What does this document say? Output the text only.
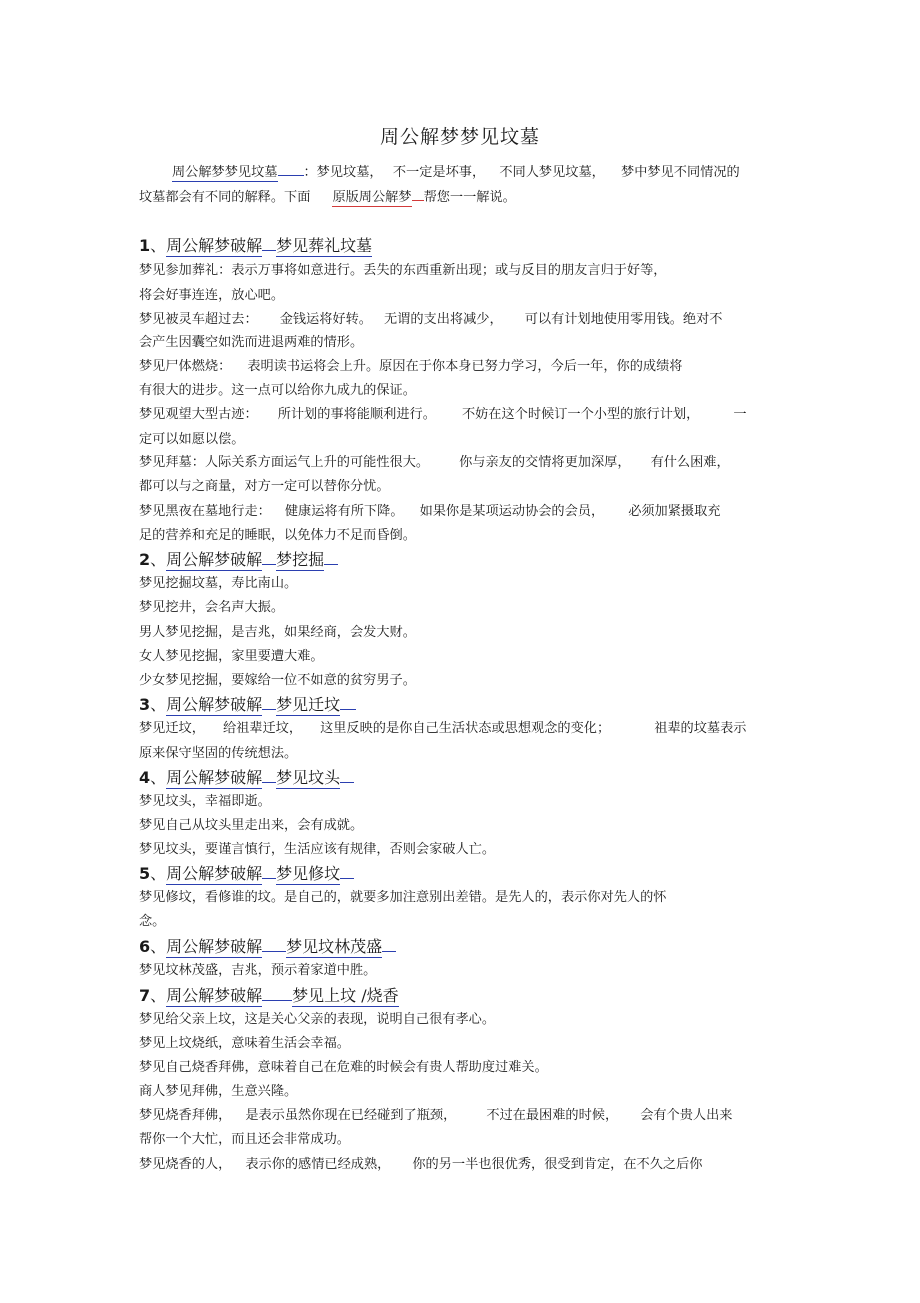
周公解梦梦见坟墓
周公解梦梦见坟墓 ：梦见坟墓， 不一定是坏事， 不同人梦见坟墓， 梦中梦见不同情况的
坟墓都会有不同的解释。下面 原版周公解梦 帮您一一解说。
1、周公解梦破解 梦见葬礼坟墓
梦见参加葬礼：表示万事将如意进行。丢失的东西重新出现；或与反目的朋友言归于好等，
将会好事连连，放心吧。
梦见被灵车超过去： 金钱运将好转。 无谓的支出将减少， 可以有计划地使用零用钱。绝对不
会产生因囊空如洗而进退两难的情形。
梦见尸体燃烧： 表明读书运将会上升。原因在于你本身已努力学习，今后一年，你的成绩将
有很大的进步。这一点可以给你九成九的保证。
梦见观望大型古迹： 所计划的事将能顺利进行。 不妨在这个时候订一个小型的旅行计划，	一
定可以如愿以偿。
梦见拜墓：人际关系方面运气上升的可能性很大。 你与亲友的交情将更加深厚， 有什么困难，
都可以与之商量，对方一定可以替你分忧。
梦见黑夜在墓地行走： 健康运将有所下降。 如果你是某项运动协会的会员， 必须加紧摄取充
足的营养和充足的睡眠，以免体力不足而昏倒。
2、周公解梦破解 梦挖掘
梦见挖掘坟墓，寿比南山。
梦见挖井，会名声大振。
男人梦见挖掘，是吉兆，如果经商，会发大财。
女人梦见挖掘，家里要遭大难。
少女梦见挖掘，要嫁给一位不如意的贫穷男子。
3、周公解梦破解 梦见迁坟
梦见迁坟， 给祖辈迁坟， 这里反映的是你自己生活状态或思想观念的变化；	祖辈的坟墓表示
原来保守坚固的传统想法。
4、周公解梦破解 梦见坟头
梦见坟头，幸福即逝。
梦见自己从坟头里走出来，会有成就。
梦见坟头，要谨言慎行，生活应该有规律，否则会家破人亡。
5、周公解梦破解 梦见修坟
梦见修坟，看修谁的坟。是自己的，就要多加注意别出差错。是先人的，表示你对先人的怀
念。
6、周公解梦破解 梦见坟林茂盛
梦见坟林茂盛，吉兆，预示着家道中胜。
7、周公解梦破解 梦见上坟 /烧香
梦见给父亲上坟，这是关心父亲的表现，说明自己很有孝心。
梦见上坟烧纸，意味着生活会幸福。
梦见自己烧香拜佛，意味着自己在危难的时候会有贵人帮助度过难关。
商人梦见拜佛，生意兴隆。
梦见烧香拜佛， 是表示虽然你现在已经碰到了瓶颈， 不过在最困难的时候， 会有个贵人出来
帮你一个大忙，而且还会非常成功。
梦见烧香的人， 表示你的感情已经成熟， 你的另一半也很优秀，很受到肯定，在不久之后你
